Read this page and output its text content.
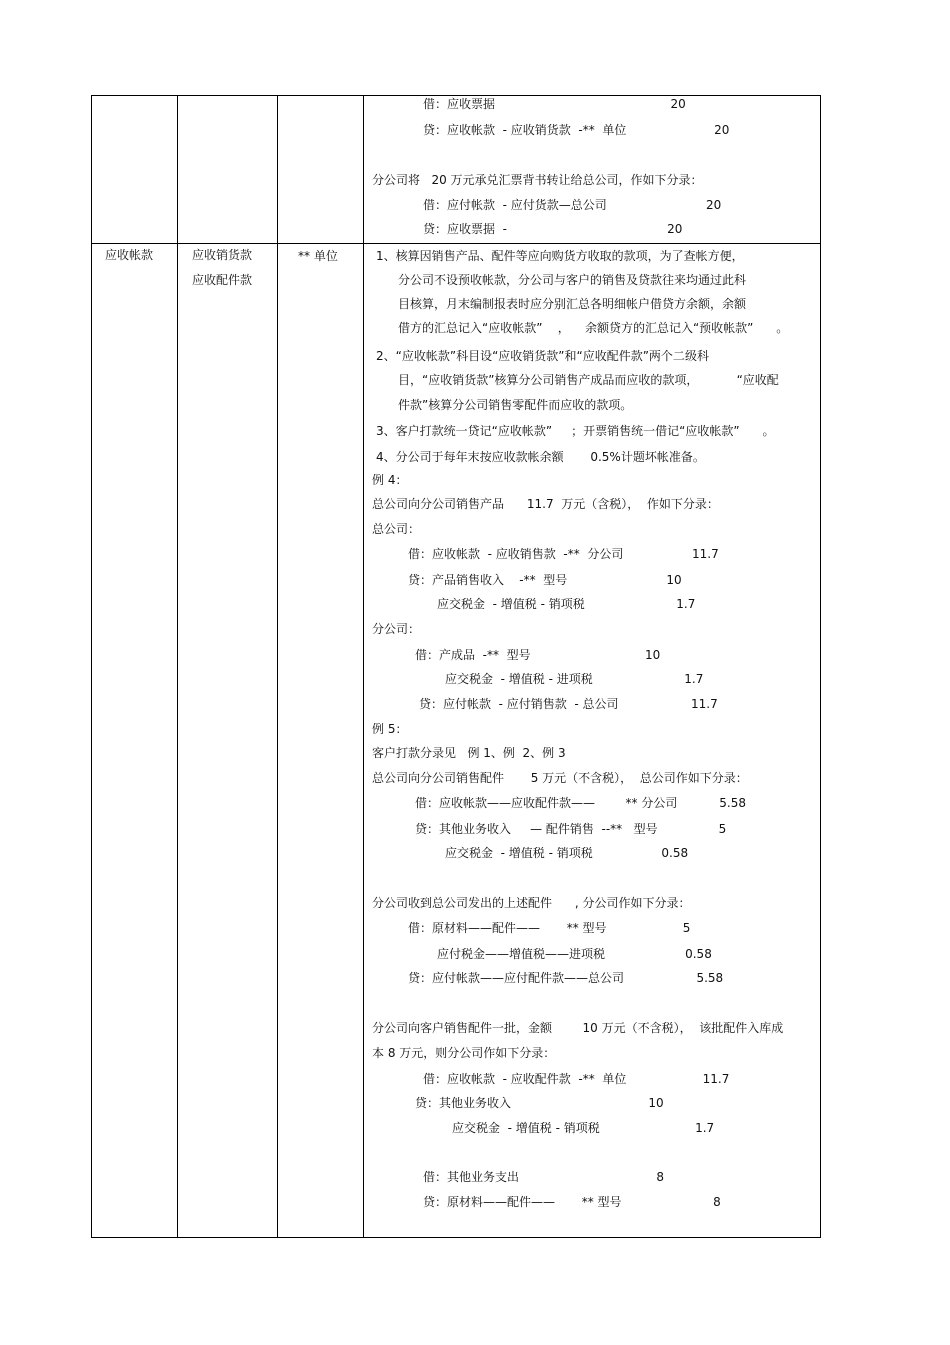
借：应收票据                                              20
贷：应收帐款  - 应收销货款  -**  单位                       20
分公司将   20 万元承兑汇票背书转让给总公司，作如下分录：
借：应付帐款  - 应付货款—总公司                          20
贷：应收票据  -                                          20
应收帐款	应收销货款
应收配件款
** 单位	1、核算因销售产品、配件等应向购货方收取的款项，为了查帐方便，
分公司不设预收帐款，分公司与客户的销售及贷款往来均通过此科
目核算，月末编制报表时应分别汇总各明细帐户借贷方余额，余额
借方的汇总记入“应收帐款”    ，    余额贷方的汇总记入“预收帐款”      。
2、“应收帐款”科目设“应收销货款”和“应收配件款”两个二级科
目，“应收销货款”核算分公司销售产成品而应收的款项，          “应收配
件款”核算分公司销售零配件而应收的款项。
3、客户打款统一贷记“应收帐款”     ；开票销售统一借记“应收帐款”      。
4、分公司于每年末按应收款帐余额       0.5%计题坏帐准备。
例 4：
总公司向分公司销售产品      11.7  万元（含税），  作如下分录：
总公司：
借：应收帐款  - 应收销售款  -**  分公司                  11.7
贷：产品销售收入    -**  型号                          10
应交税金  - 增值税 - 销项税                        1.7
分公司：
借：产成品  -**  型号                              10
应交税金  - 增值税 - 进项税                        1.7
贷：应付帐款  - 应付销售款  - 总公司                   11.7
例 5：
客户打款分录见   例 1、例  2、例 3
总公司向分公司销售配件       5 万元（不含税），  总公司作如下分录：
借：应收帐款——应收配件款——        ** 分公司           5.58
贷：其他业务收入     — 配件销售  --**   型号                5
应交税金  - 增值税 - 销项税                  0.58
分公司收到总公司发出的上述配件      , 分公司作如下分录：
借：原材料——配件——       ** 型号                    5
应付税金——增值税——进项税                     0.58
贷：应付帐款——应付配件款——总公司                   5.58
分公司向客户销售配件一批，金额        10 万元（不含税），  该批配件入库成
本 8 万元，则分公司作如下分录：
借：应收帐款  - 应收配件款  -**  单位                    11.7
贷：其他业务收入                                    10
应交税金  - 增值税 - 销项税                         1.7
借：其他业务支出                                    8
贷：原材料——配件——       ** 型号                        8
